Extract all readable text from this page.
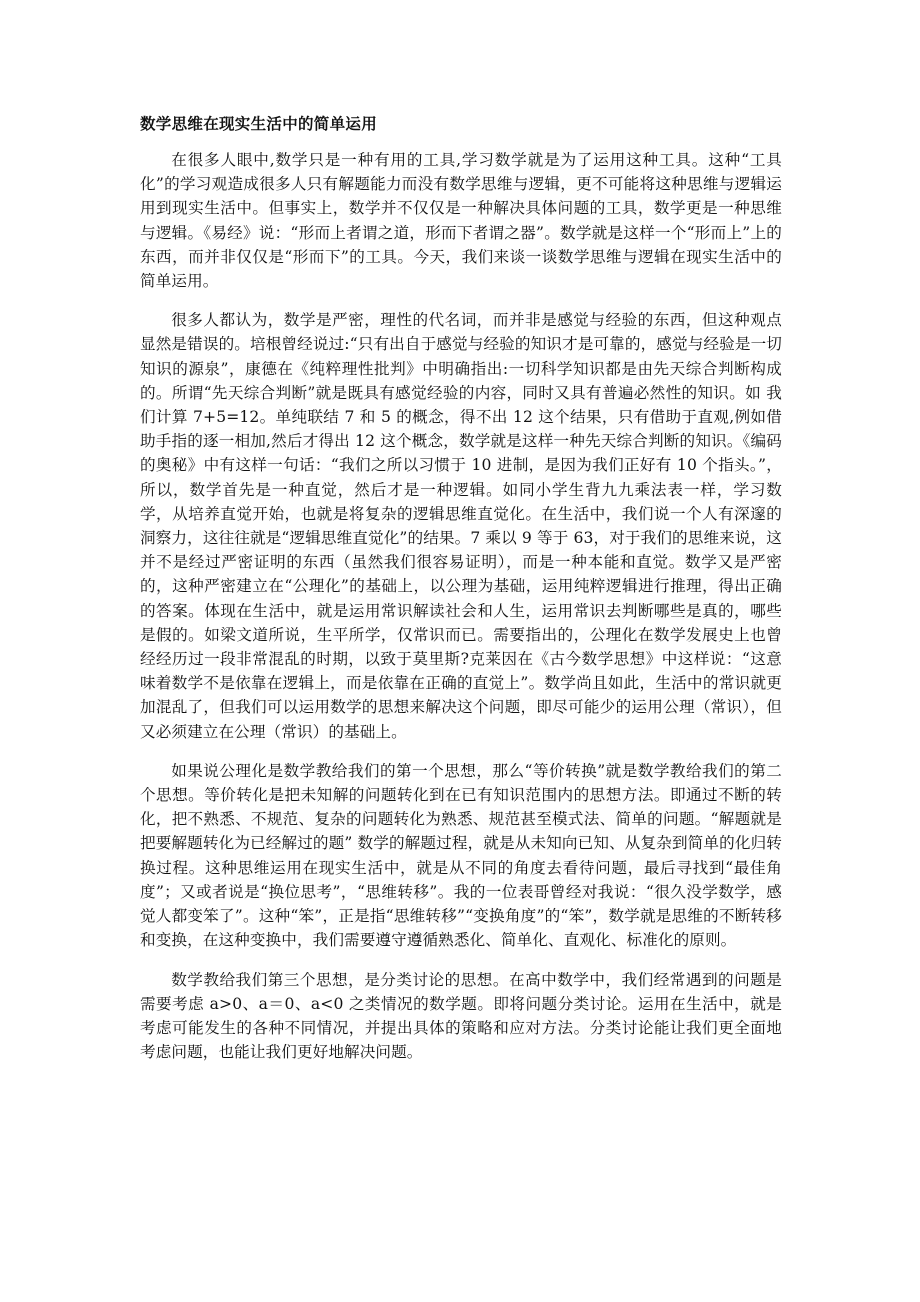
数学思维在现实生活中的简单运用

在很多人眼中,数学只是一种有用的工具,学习数学就是为了运用这种工具。这种“工具化”的学习观造成很多人只有解题能力而没有数学思维与逻辑，更不可能将这种思维与逻辑运用到现实生活中。但事实上，数学并不仅仅是一种解决具体问题的工具，数学更是一种思维与逻辑。《易经》说：“形而上者谓之道，形而下者谓之器”。数学就是这样一个“形而上”上的东西，而并非仅仅是“形而下”的工具。今天，我们来谈一谈数学思维与逻辑在现实生活中的简单运用。

很多人都认为，数学是严密，理性的代名词，而并非是感觉与经验的东西，但这种观点显然是错误的。培根曾经说过:“只有出自于感觉与经验的知识才是可靠的，感觉与经验是一切知识的源泉”，康德在《纯粹理性批判》中明确指出:一切科学知识都是由先天综合判断构成的。所谓“先天综合判断”就是既具有感觉经验的内容，同时又具有普遍必然性的知识。如 我们计算 7+5=12。单纯联结 7 和 5 的概念，得不出 12 这个结果，只有借助于直观,例如借助手指的逐一相加,然后才得出 12 这个概念，数学就是这样一种先天综合判断的知识。《编码的奥秘》中有这样一句话：“我们之所以习惯于 10 进制，是因为我们正好有 10 个指头。”，所以，数学首先是一种直觉，然后才是一种逻辑。如同小学生背九九乘法表一样，学习数学，从培养直觉开始，也就是将复杂的逻辑思维直觉化。在生活中，我们说一个人有深邃的洞察力，这往往就是“逻辑思维直觉化”的结果。7 乘以 9 等于 63，对于我们的思维来说，这并不是经过严密证明的东西（虽然我们很容易证明），而是一种本能和直觉。数学又是严密的，这种严密建立在“公理化”的基础上，以公理为基础，运用纯粹逻辑进行推理，得出正确的答案。体现在生活中，就是运用常识解读社会和人生，运用常识去判断哪些是真的，哪些是假的。如梁文道所说，生平所学，仅常识而已。需要指出的，公理化在数学发展史上也曾经经历过一段非常混乱的时期，以致于莫里斯?克莱因在《古今数学思想》中这样说：“这意味着数学不是依靠在逻辑上，而是依靠在正确的直觉上”。数学尚且如此，生活中的常识就更加混乱了，但我们可以运用数学的思想来解决这个问题，即尽可能少的运用公理（常识），但又必须建立在公理（常识）的基础上。

如果说公理化是数学教给我们的第一个思想，那么“等价转换”就是数学教给我们的第二个思想。等价转化是把未知解的问题转化到在已有知识范围内的思想方法。即通过不断的转化，把不熟悉、不规范、复杂的问题转化为熟悉、规范甚至模式法、简单的问题。“解题就是把要解题转化为已经解过的题” 数学的解题过程，就是从未知向已知、从复杂到简单的化归转换过程。这种思维运用在现实生活中，就是从不同的角度去看待问题，最后寻找到“最佳角度”；又或者说是“换位思考”，“思维转移”。我的一位表哥曾经对我说：“很久没学数学，感觉人都变笨了”。这种“笨”，正是指“思维转移”“变换角度”的“笨”，数学就是思维的不断转移和变换，在这种变换中，我们需要遵守遵循熟悉化、简单化、直观化、标准化的原则。

数学教给我们第三个思想，是分类讨论的思想。在高中数学中，我们经常遇到的问题是需要考虑 a>0、a＝0、a<0 之类情况的数学题。即将问题分类讨论。运用在生活中，就是考虑可能发生的各种不同情况，并提出具体的策略和应对方法。分类讨论能让我们更全面地考虑问题，也能让我们更好地解决问题。
